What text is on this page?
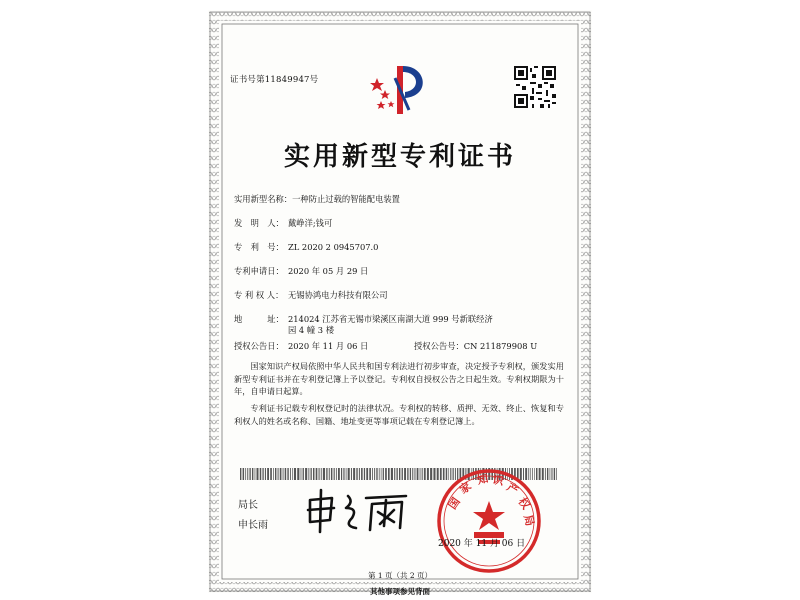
证书号第11849947号
实用新型专利证书
实用新型名称：一种防止过载的智能配电装置
发　明　人： 戴峥洋;钱可
专　利　号： ZL 2020 2 0945707.0
专利申请日： 2020 年 05 月 29 日
专 利 权 人： 无锡协鸿电力科技有限公司
地　　　址： 214024 江苏省无锡市梁溪区南湖大道 999 号新联经济园 4 幢 3 楼
授权公告日： 2020 年 11 月 06 日	授权公告号：CN 211879908 U
国家知识产权局依照中华人民共和国专利法进行初步审查，决定授予专利权，颁发实用新型专利证书并在专利登记簿上予以登记。专利权自授权公告之日起生效。专利权期限为十年，自申请日起算。
专利证书记载专利权登记时的法律状况。专利权的转移、质押、无效、终止、恢复和专利权人的姓名或名称、国籍、地址变更等事项记载在专利登记簿上。
局长
申长雨
国
家
知 识
产
权
局
2020 年 11 月 06 日
第 1 页（共 2 页）
其他事项参见背面
